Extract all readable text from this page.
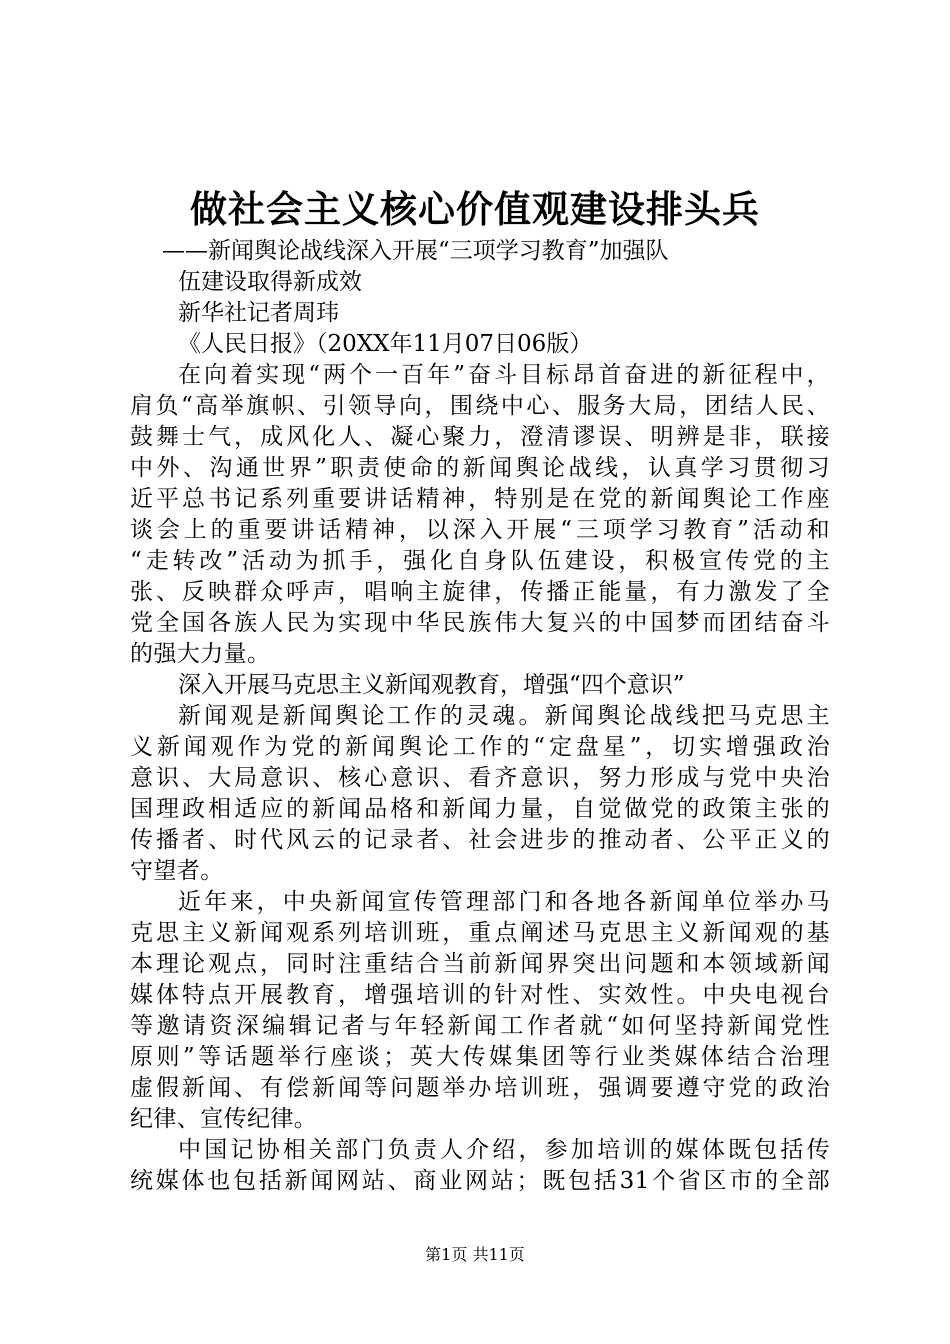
做社会主义核心价值观建设排头兵
——新闻舆论战线深入开展“三项学习教育”加强队
伍建设取得新成效
新华社记者周玮
《人民日报》（20XX年11月07日06版）
在向着实现“两个一百年”奋斗目标昂首奋进的新征程中，
肩负“高举旗帜、引领导向，围绕中心、服务大局，团结人民、
鼓舞士气，成风化人、凝心聚力，澄清谬误、明辨是非，联接
中外、沟通世界”职责使命的新闻舆论战线，认真学习贯彻习
近平总书记系列重要讲话精神，特别是在党的新闻舆论工作座
谈会上的重要讲话精神，以深入开展“三项学习教育”活动和
“走转改”活动为抓手，强化自身队伍建设，积极宣传党的主
张、反映群众呼声，唱响主旋律，传播正能量，有力激发了全
党全国各族人民为实现中华民族伟大复兴的中国梦而团结奋斗
的强大力量。
深入开展马克思主义新闻观教育，增强“四个意识”
新闻观是新闻舆论工作的灵魂。新闻舆论战线把马克思主
义新闻观作为党的新闻舆论工作的“定盘星”，切实增强政治
意识、大局意识、核心意识、看齐意识，努力形成与党中央治
国理政相适应的新闻品格和新闻力量，自觉做党的政策主张的
传播者、时代风云的记录者、社会进步的推动者、公平正义的
守望者。
近年来，中央新闻宣传管理部门和各地各新闻单位举办马
克思主义新闻观系列培训班，重点阐述马克思主义新闻观的基
本理论观点，同时注重结合当前新闻界突出问题和本领域新闻
媒体特点开展教育，增强培训的针对性、实效性。中央电视台
等邀请资深编辑记者与年轻新闻工作者就“如何坚持新闻党性
原则”等话题举行座谈；英大传媒集团等行业类媒体结合治理
虚假新闻、有偿新闻等问题举办培训班，强调要遵守党的政治
纪律、宣传纪律。
中国记协相关部门负责人介绍，参加培训的媒体既包括传
统媒体也包括新闻网站、商业网站；既包括31个省区市的全部
第1页 共11页
